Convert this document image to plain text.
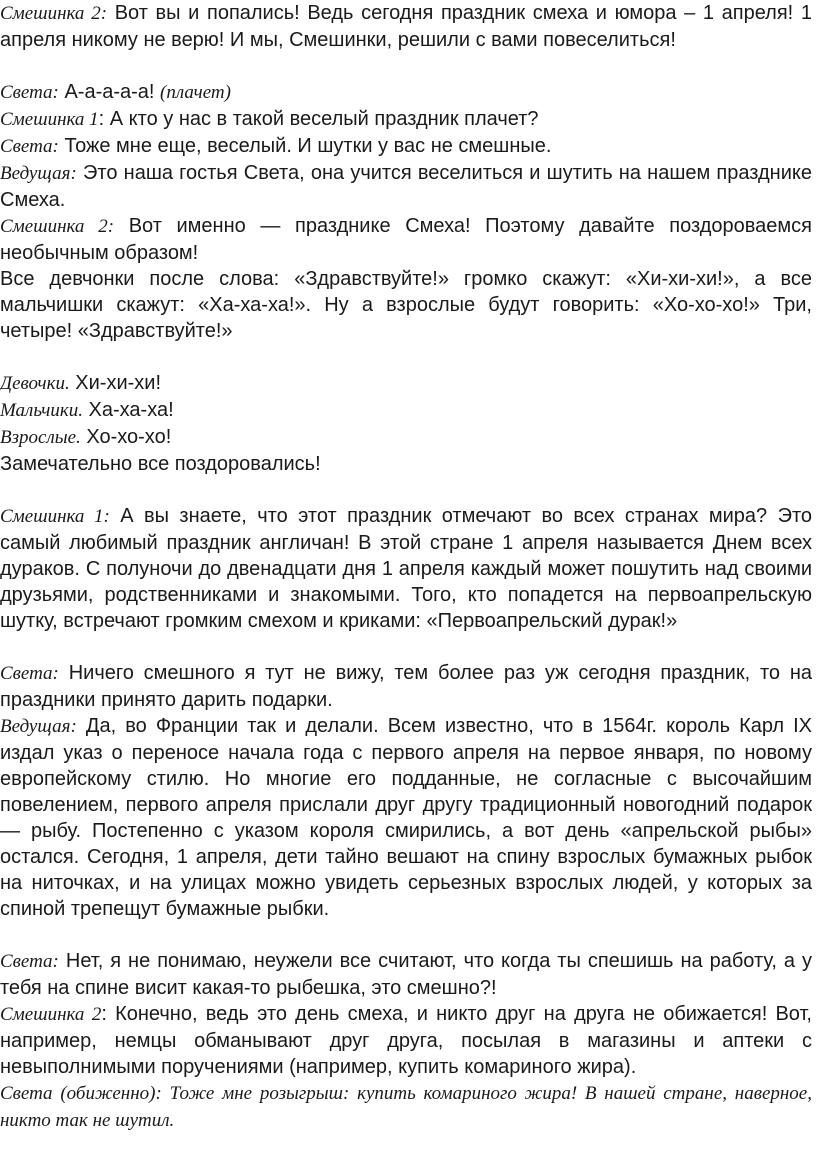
Смешинка 2: Вот вы и попались! Ведь сегодня праздник смеха и юмора – 1 апреля! 1 апреля никому не верю! И мы, Смешинки, решили с вами повеселиться!

Света: А-а-а-а-а! (плачет)

Смешинка 1: А кто у нас в такой веселый праздник плачет?

Света: Тоже мне еще, веселый. И шутки у вас не смешные.

Ведущая: Это наша гостья Света, она учится веселиться и шутить на нашем празднике Смеха.

Смешинка 2: Вот именно — празднике Смеха! Поэтому давайте поздороваемся необычным образом!

Все девчонки после слова: «Здравствуйте!» громко скажут: «Хи-хи-хи!», а все мальчишки скажут: «Ха-ха-ха!». Ну а взрослые будут говорить: «Хо-хо-хо!» Три, четыре! «Здравствуйте!»

Девочки. Хи-хи-хи!

Мальчики. Ха-ха-ха!

Взрослые. Хо-хо-хо!

Замечательно все поздоровались!

Смешинка 1: А вы знаете, что этот праздник отмечают во всех странах мира? Это самый любимый праздник англичан! В этой стране 1 апреля называется Днем всех дураков. С полуночи до двенадцати дня 1 апреля каждый может пошутить над своими друзьями, родственниками и знакомыми. Того, кто попадется на первоапрельскую шутку, встречают громким смехом и криками: «Первоапрельский дурак!»

Света: Ничего смешного я тут не вижу, тем более раз уж сегодня праздник, то на праздники принято дарить подарки.

Ведущая: Да, во Франции так и делали. Всем известно, что в 1564г. король Карл IX издал указ о переносе начала года с первого апреля на первое января, по новому европейскому стилю. Но многие его подданные, не согласные с высочайшим повелением, первого апреля прислали друг другу традиционный новогодний подарок — рыбу. Постепенно с указом короля смирились, а вот день «апрельской рыбы» остался. Сегодня, 1 апреля, дети тайно вешают на спину взрослых бумажных рыбок на ниточках, и на улицах можно увидеть серьезных взрослых людей, у которых за спиной трепещут бумажные рыбки.

Света: Нет, я не понимаю, неужели все считают, что когда ты спешишь на работу, а у тебя на спине висит какая-то рыбешка, это смешно?!

Смешинка 2: Конечно, ведь это день смеха, и никто друг на друга не обижается! Вот, например, немцы обманывают друг друга, посылая в магазины и аптеки с невыполнимыми поручениями (например, купить комариного жира).

Света (обиженно): Тоже мне розыгрыш: купить комариного жира! В нашей стране, наверное, никто так не шутил.
